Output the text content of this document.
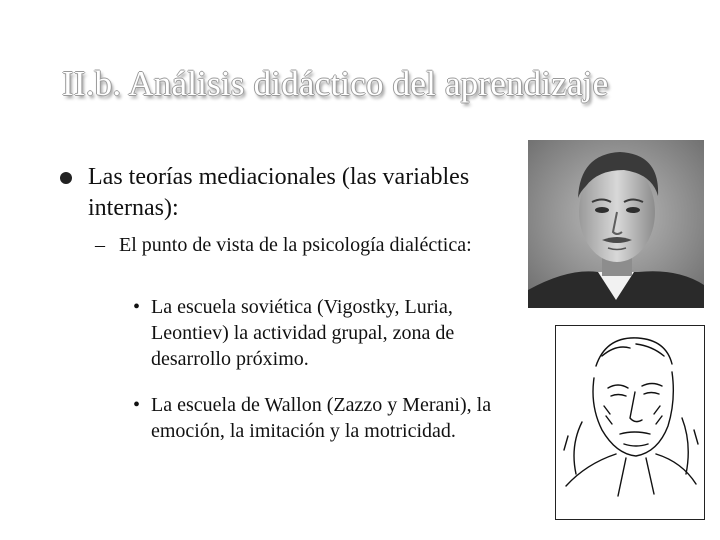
II.b. Análisis didáctico del aprendizaje
Las teorías mediacionales (las variables internas):
– El punto de vista de la psicología dialéctica:
• La escuela soviética (Vigostky, Luria, Leontiev) la actividad grupal, zona de desarrollo próximo.
• La escuela de Wallon (Zazzo y Merani), la emoción, la imitación y la motricidad.
